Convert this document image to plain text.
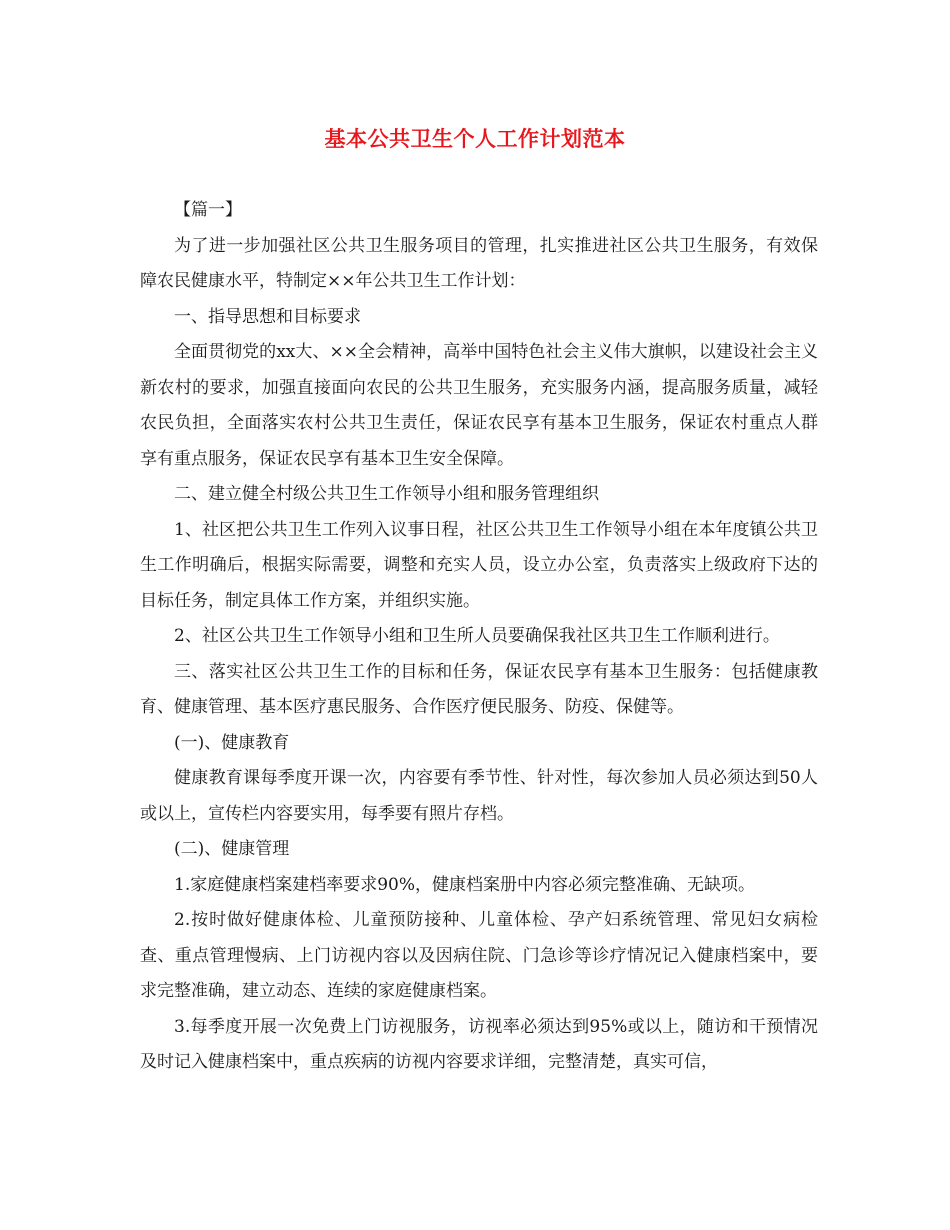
基本公共卫生个人工作计划范本

【篇一】

为了进一步加强社区公共卫生服务项目的管理，扎实推进社区公共卫生服务，有效保障农民健康水平，特制定××年公共卫生工作计划：

一、指导思想和目标要求

全面贯彻党的xx大、××全会精神，高举中国特色社会主义伟大旗帜，以建设社会主义新农村的要求，加强直接面向农民的公共卫生服务，充实服务内涵，提高服务质量，减轻农民负担，全面落实农村公共卫生责任，保证农民享有基本卫生服务，保证农村重点人群享有重点服务，保证农民享有基本卫生安全保障。

二、建立健全村级公共卫生工作领导小组和服务管理组织

1、社区把公共卫生工作列入议事日程，社区公共卫生工作领导小组在本年度镇公共卫生工作明确后，根据实际需要，调整和充实人员，设立办公室，负责落实上级政府下达的目标任务，制定具体工作方案，并组织实施。

2、社区公共卫生工作领导小组和卫生所人员要确保我社区共卫生工作顺利进行。

三、落实社区公共卫生工作的目标和任务，保证农民享有基本卫生服务：包括健康教育、健康管理、基本医疗惠民服务、合作医疗便民服务、防疫、保健等。

(一)、健康教育

健康教育课每季度开课一次，内容要有季节性、针对性，每次参加人员必须达到50人或以上，宣传栏内容要实用，每季要有照片存档。

(二)、健康管理

1.家庭健康档案建档率要求90%，健康档案册中内容必须完整准确、无缺项。

2.按时做好健康体检、儿童预防接种、儿童体检、孕产妇系统管理、常见妇女病检查、重点管理慢病、上门访视内容以及因病住院、门急诊等诊疗情况记入健康档案中，要求完整准确，建立动态、连续的家庭健康档案。

3.每季度开展一次免费上门访视服务，访视率必须达到95%或以上，随访和干预情况及时记入健康档案中，重点疾病的访视内容要求详细，完整清楚，真实可信，
